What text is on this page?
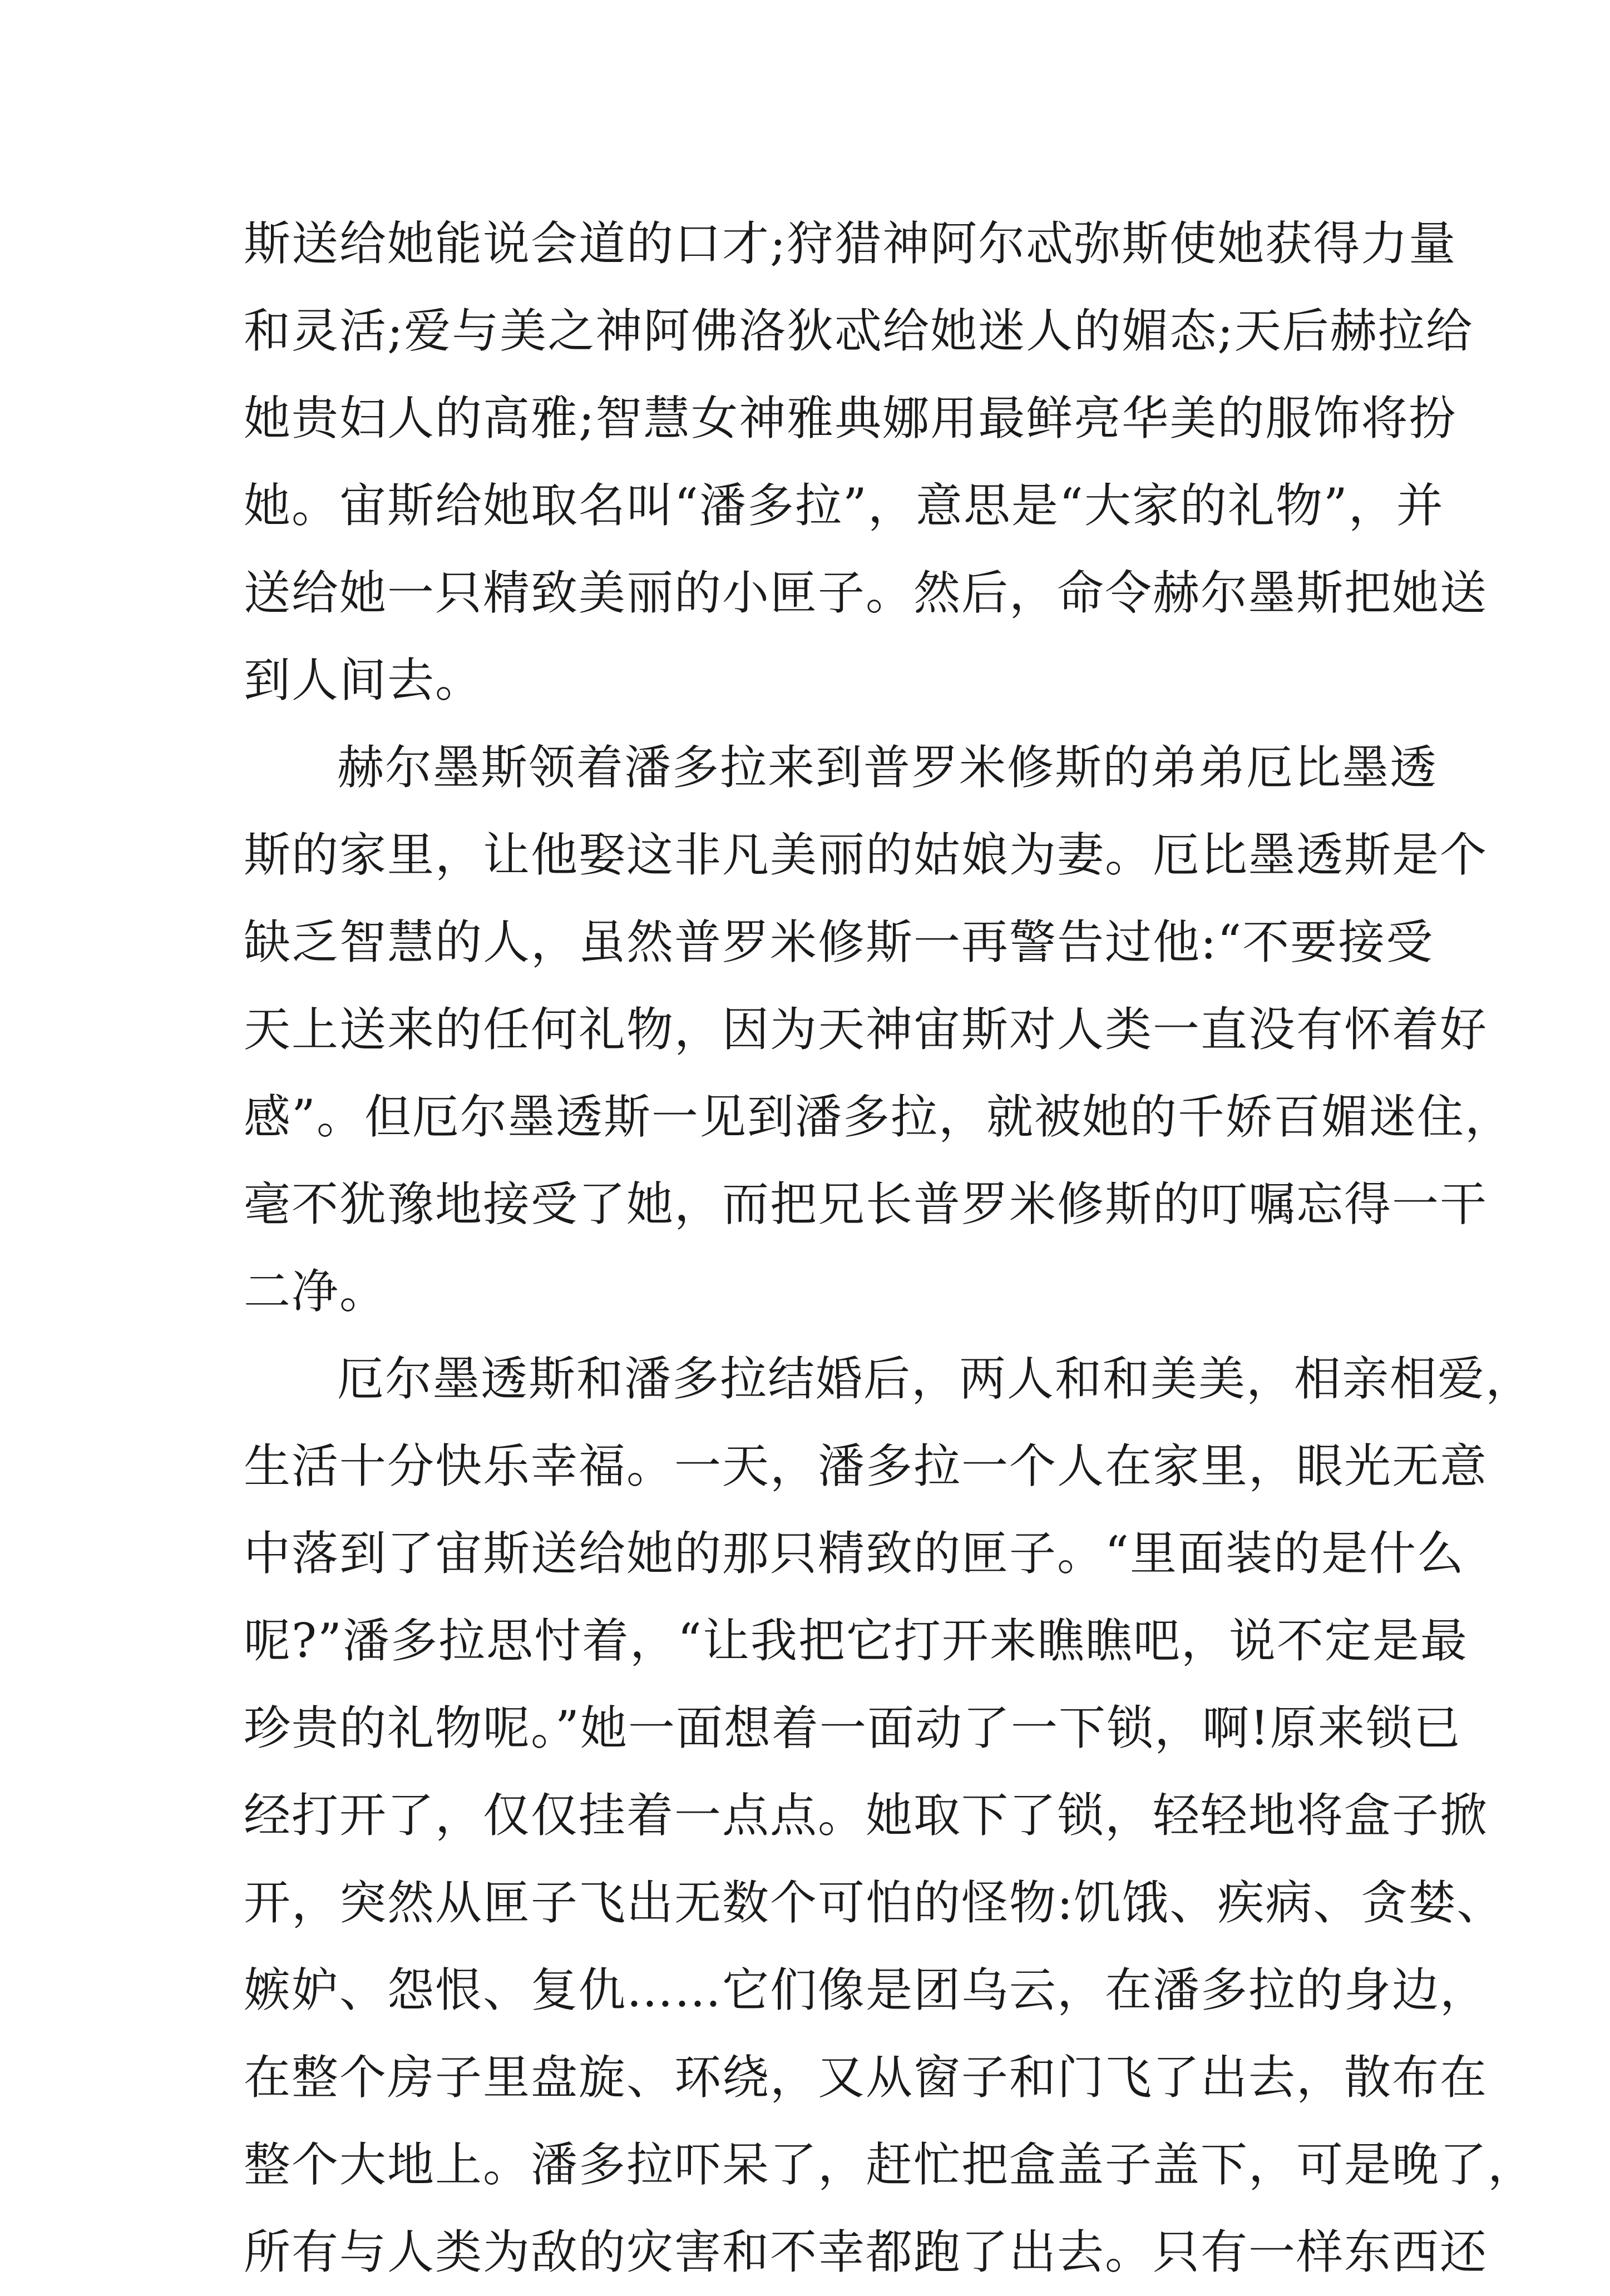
斯送给她能说会道的口才;狩猎神阿尔忒弥斯使她获得力量
和灵活;爱与美之神阿佛洛狄忒给她迷人的媚态;天后赫拉给
她贵妇人的高雅;智慧女神雅典娜用最鲜亮华美的服饰将扮
她。宙斯给她取名叫“潘多拉”，意思是“大家的礼物”，并
送给她一只精致美丽的小匣子。然后，命令赫尔墨斯把她送
到人间去。
赫尔墨斯领着潘多拉来到普罗米修斯的弟弟厄比墨透
斯的家里，让他娶这非凡美丽的姑娘为妻。厄比墨透斯是个
缺乏智慧的人，虽然普罗米修斯一再警告过他:“不要接受
天上送来的任何礼物，因为天神宙斯对人类一直没有怀着好
感”。但厄尔墨透斯一见到潘多拉，就被她的千娇百媚迷住，
毫不犹豫地接受了她，而把兄长普罗米修斯的叮嘱忘得一干
二净。
厄尔墨透斯和潘多拉结婚后，两人和和美美，相亲相爱，
生活十分快乐幸福。一天，潘多拉一个人在家里，眼光无意
中落到了宙斯送给她的那只精致的匣子。“里面装的是什么
呢?”潘多拉思忖着，“让我把它打开来瞧瞧吧，说不定是最
珍贵的礼物呢。”她一面想着一面动了一下锁，啊!原来锁已
经打开了，仅仅挂着一点点。她取下了锁，轻轻地将盒子掀
开，突然从匣子飞出无数个可怕的怪物:饥饿、疾病、贪婪、
嫉妒、怨恨、复仇……它们像是团乌云，在潘多拉的身边，
在整个房子里盘旋、环绕，又从窗子和门飞了出去，散布在
整个大地上。潘多拉吓呆了，赶忙把盒盖子盖下，可是晚了，
所有与人类为敌的灾害和不幸都跑了出去。只有一样东西还
